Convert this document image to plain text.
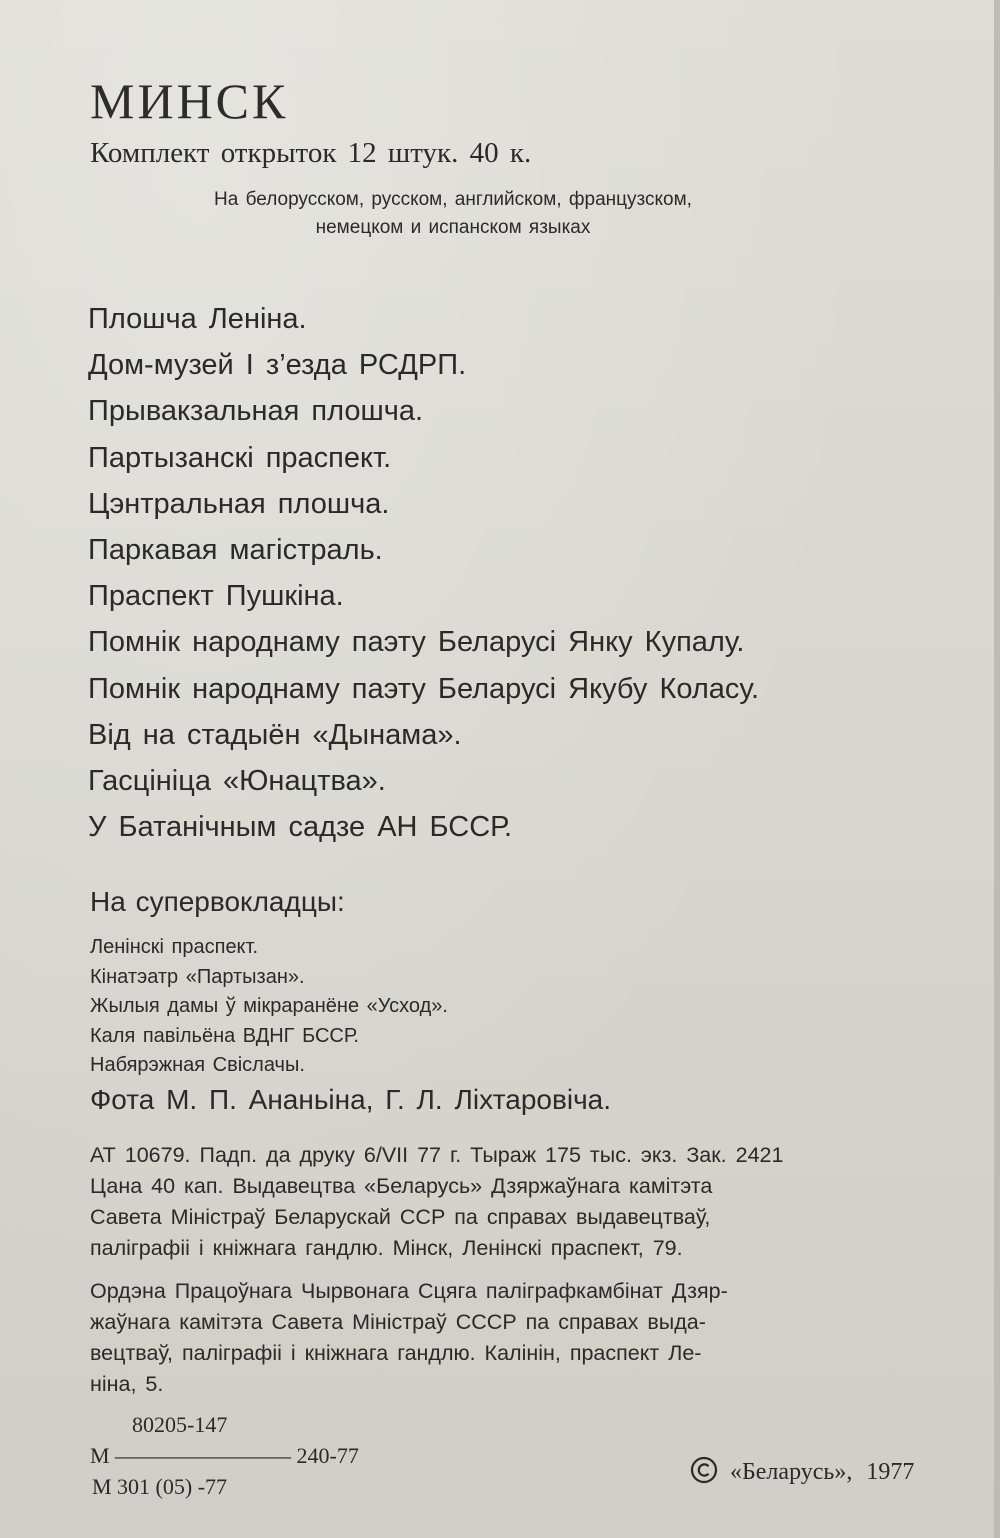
МИНСК
Комплект открыток 12 штук. 40 к.
На белорусском, русском, английском, французском,
немецком и испанском языках
Плошча Леніна.
Дом-музей I з’езда РСДРП.
Прывакзальная плошча.
Партызанскі праспект.
Цэнтральная плошча.
Паркавая магістраль.
Праспект Пушкіна.
Помнік народнаму паэту Беларусі Янку Купалу.
Помнік народнаму паэту Беларусі Якубу Коласу.
Від на стадыён «Дынама».
Гасцініца «Юнацтва».
У Батанічным садзе АН БССР.
На супервокладцы:
Ленінскі праспект.
Кінатэатр «Партызан».
Жылыя дамы ў мікраранёне «Усход».
Каля павільёна ВДНГ БССР.
Набярэжная Свіслачы.
Фота М. П. Ананьіна, Г. Л. Ліхтаровіча.

АТ 10679. Падп. да друку 6/VII 77 г. Тыраж 175 тыс. экз. Зак. 2421
Цана 40 кап. Выдавецтва «Беларусь» Дзяржаўнага камітэта
Савета Міністраў Беларускай ССР па справах выдавецтваў,
паліграфіі і кніжнага гандлю. Мінск, Ленінскі праспект, 79.

Ордэна Працоўнага Чырвонага Сцяга паліграфкамбінат Дзяр-
жаўнага камітэта Савета Міністраў СССР па справах выда-
вецтваў, паліграфіі і кніжнага гандлю. Калінін, праспект Ле-
ніна, 5.

80205-147
М ———————— 240-77
М 301 (05) -77
«Беларусь», 1977
